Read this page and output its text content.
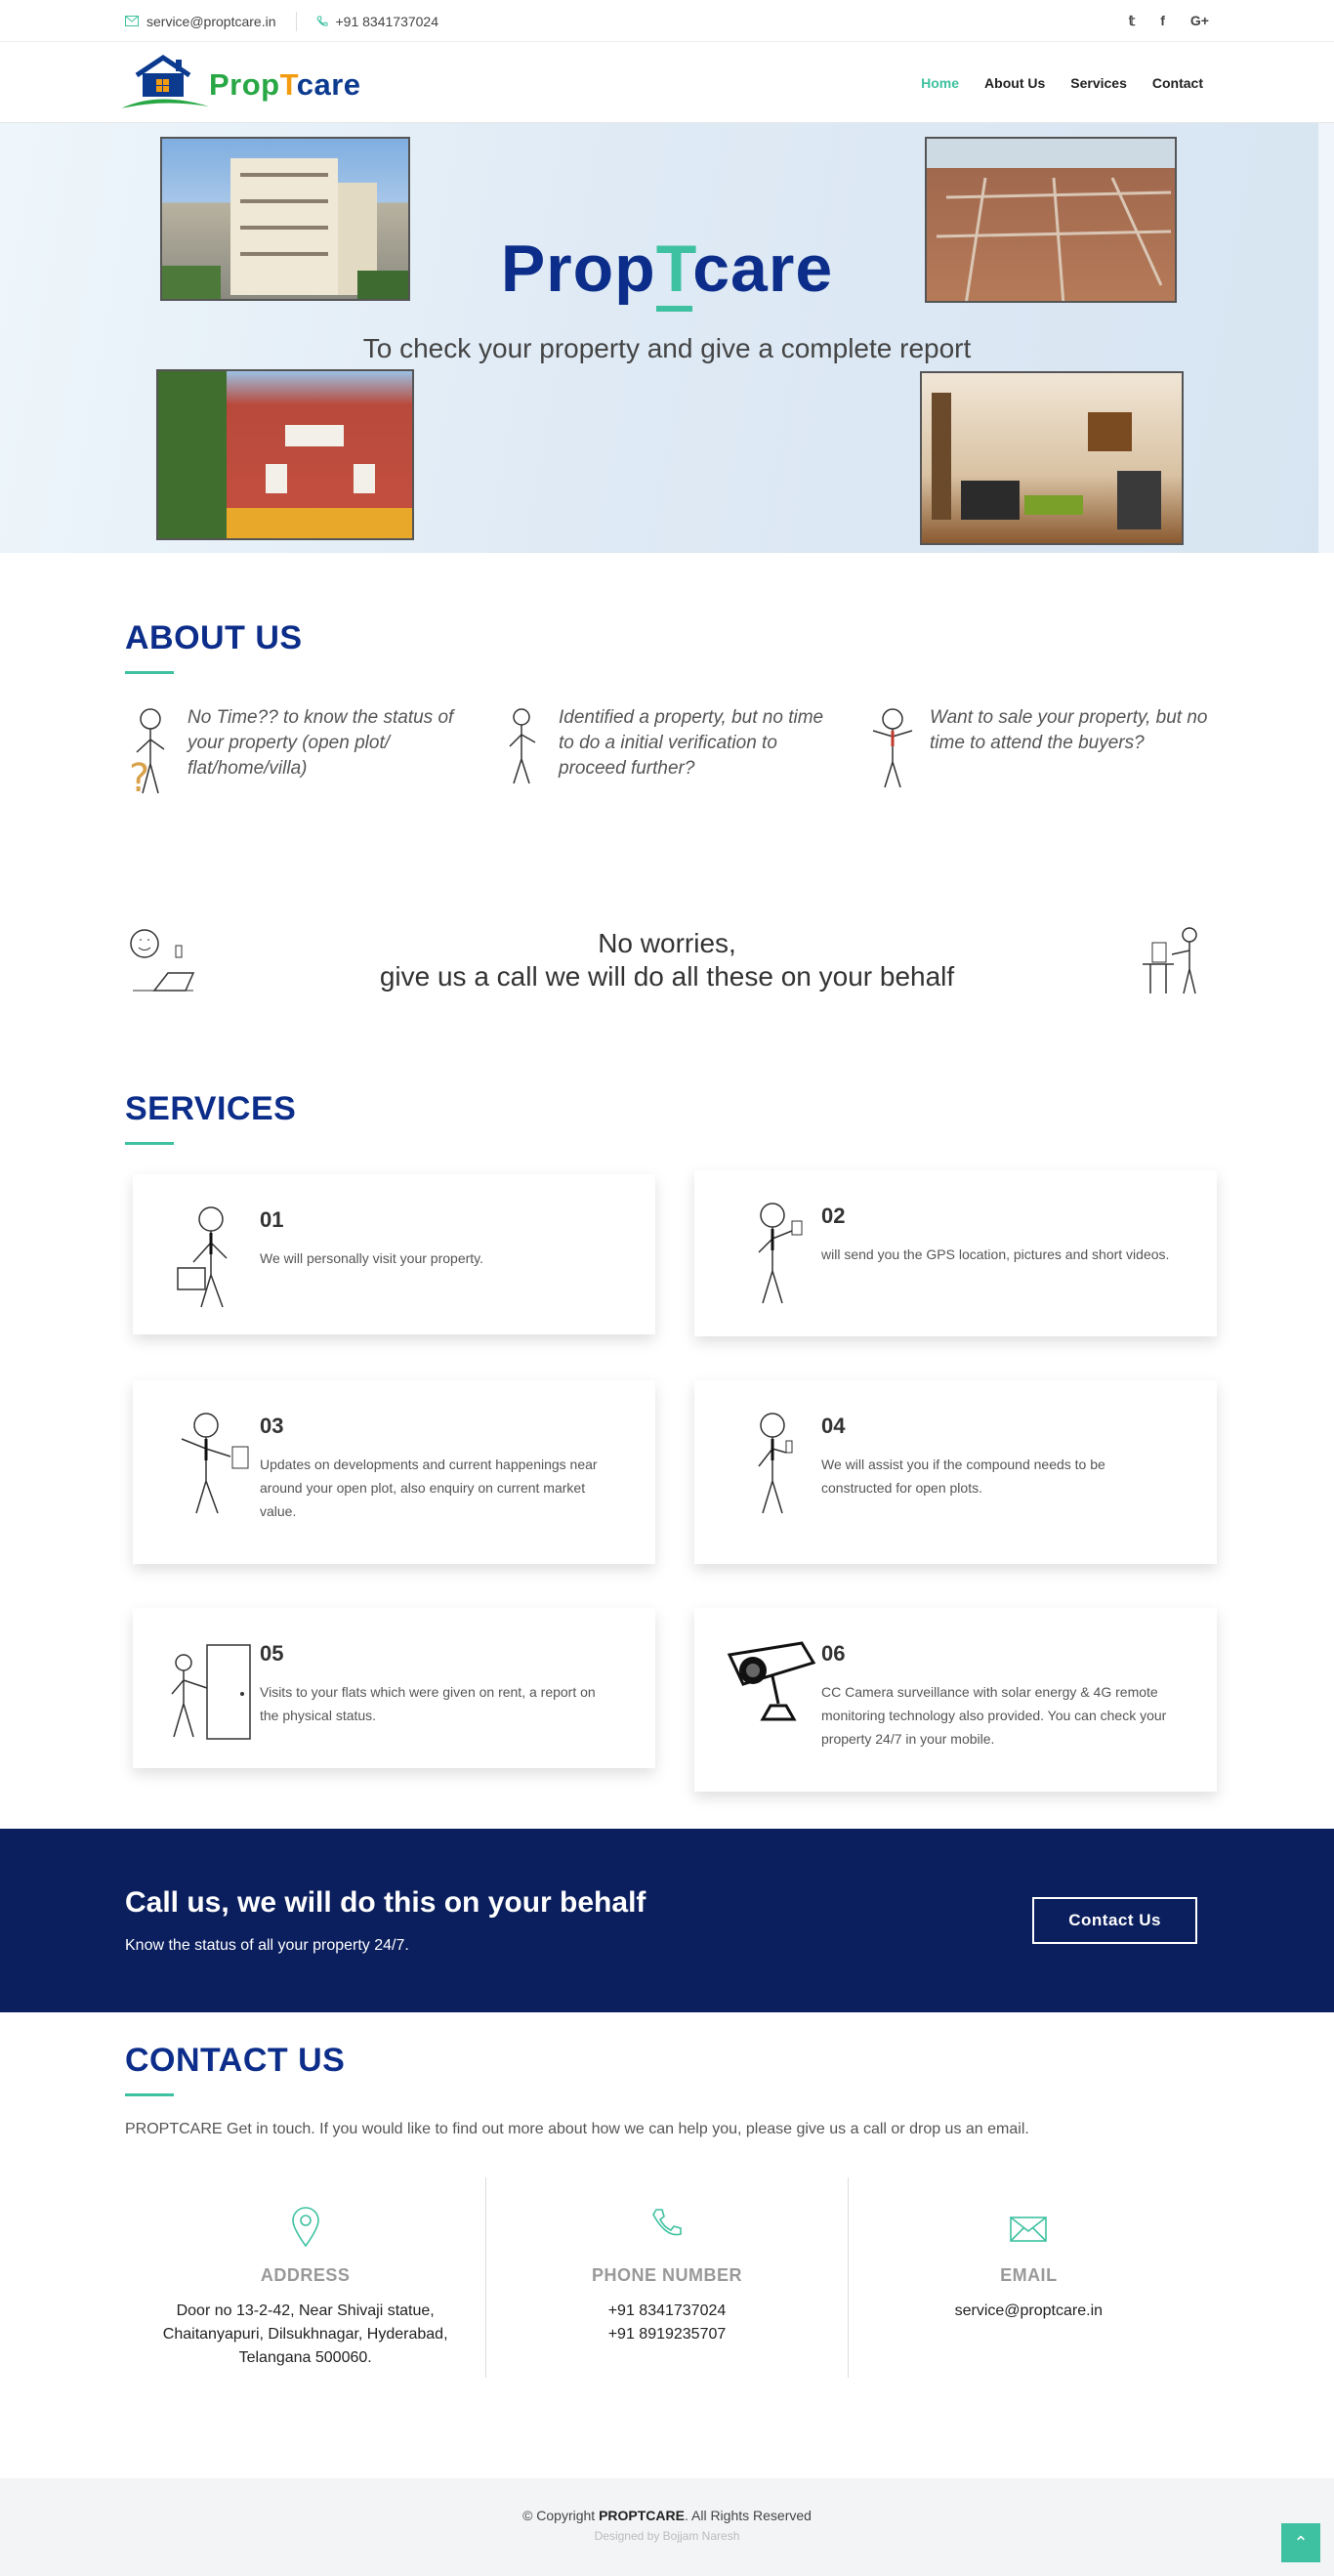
service@proptcare.in	+91 8341737024	𝕥 f G+
PropTcare	Home About Us Services Contact
PropTcare
To check your property and give a complete report
ABOUT US
?

No Time?? to know the status of your property (open plot/ flat/home/villa)

Identified a property, but no time to do a initial verification to proceed further?

Want to sale your property, but no time to attend the buyers?

No worries,
give us a call we will do all these on your behalf
SERVICES
01
We will personally visit your property.
02
will send you the GPS location, pictures and short videos.
03
Updates on developments and current happenings near around your open plot, also enquiry on current market value.
04
We will assist you if the compound needs to be constructed for open plots.
05
Visits to your flats which were given on rent, a report on the physical status.
06
CC Camera surveillance with solar energy & 4G remote monitoring technology also provided. You can check your property 24/7 in your mobile.
Call us, we will do this on your behalf

Know the status of all your property 24/7.

Contact Us
CONTACT US

PROPTCARE Get in touch. If you would like to find out more about how we can help you, please give us a call or drop us an email.

ADDRESS
Door no 13-2-42, Near Shivaji statue,
Chaitanyapuri, Dilsukhnagar, Hyderabad,
Telangana 500060.
PHONE NUMBER
+91 8341737024
+91 8919235707
EMAIL
service@proptcare.in
© Copyright PROPTCARE. All Rights Reserved
Designed by Bojjam Naresh	⌃
